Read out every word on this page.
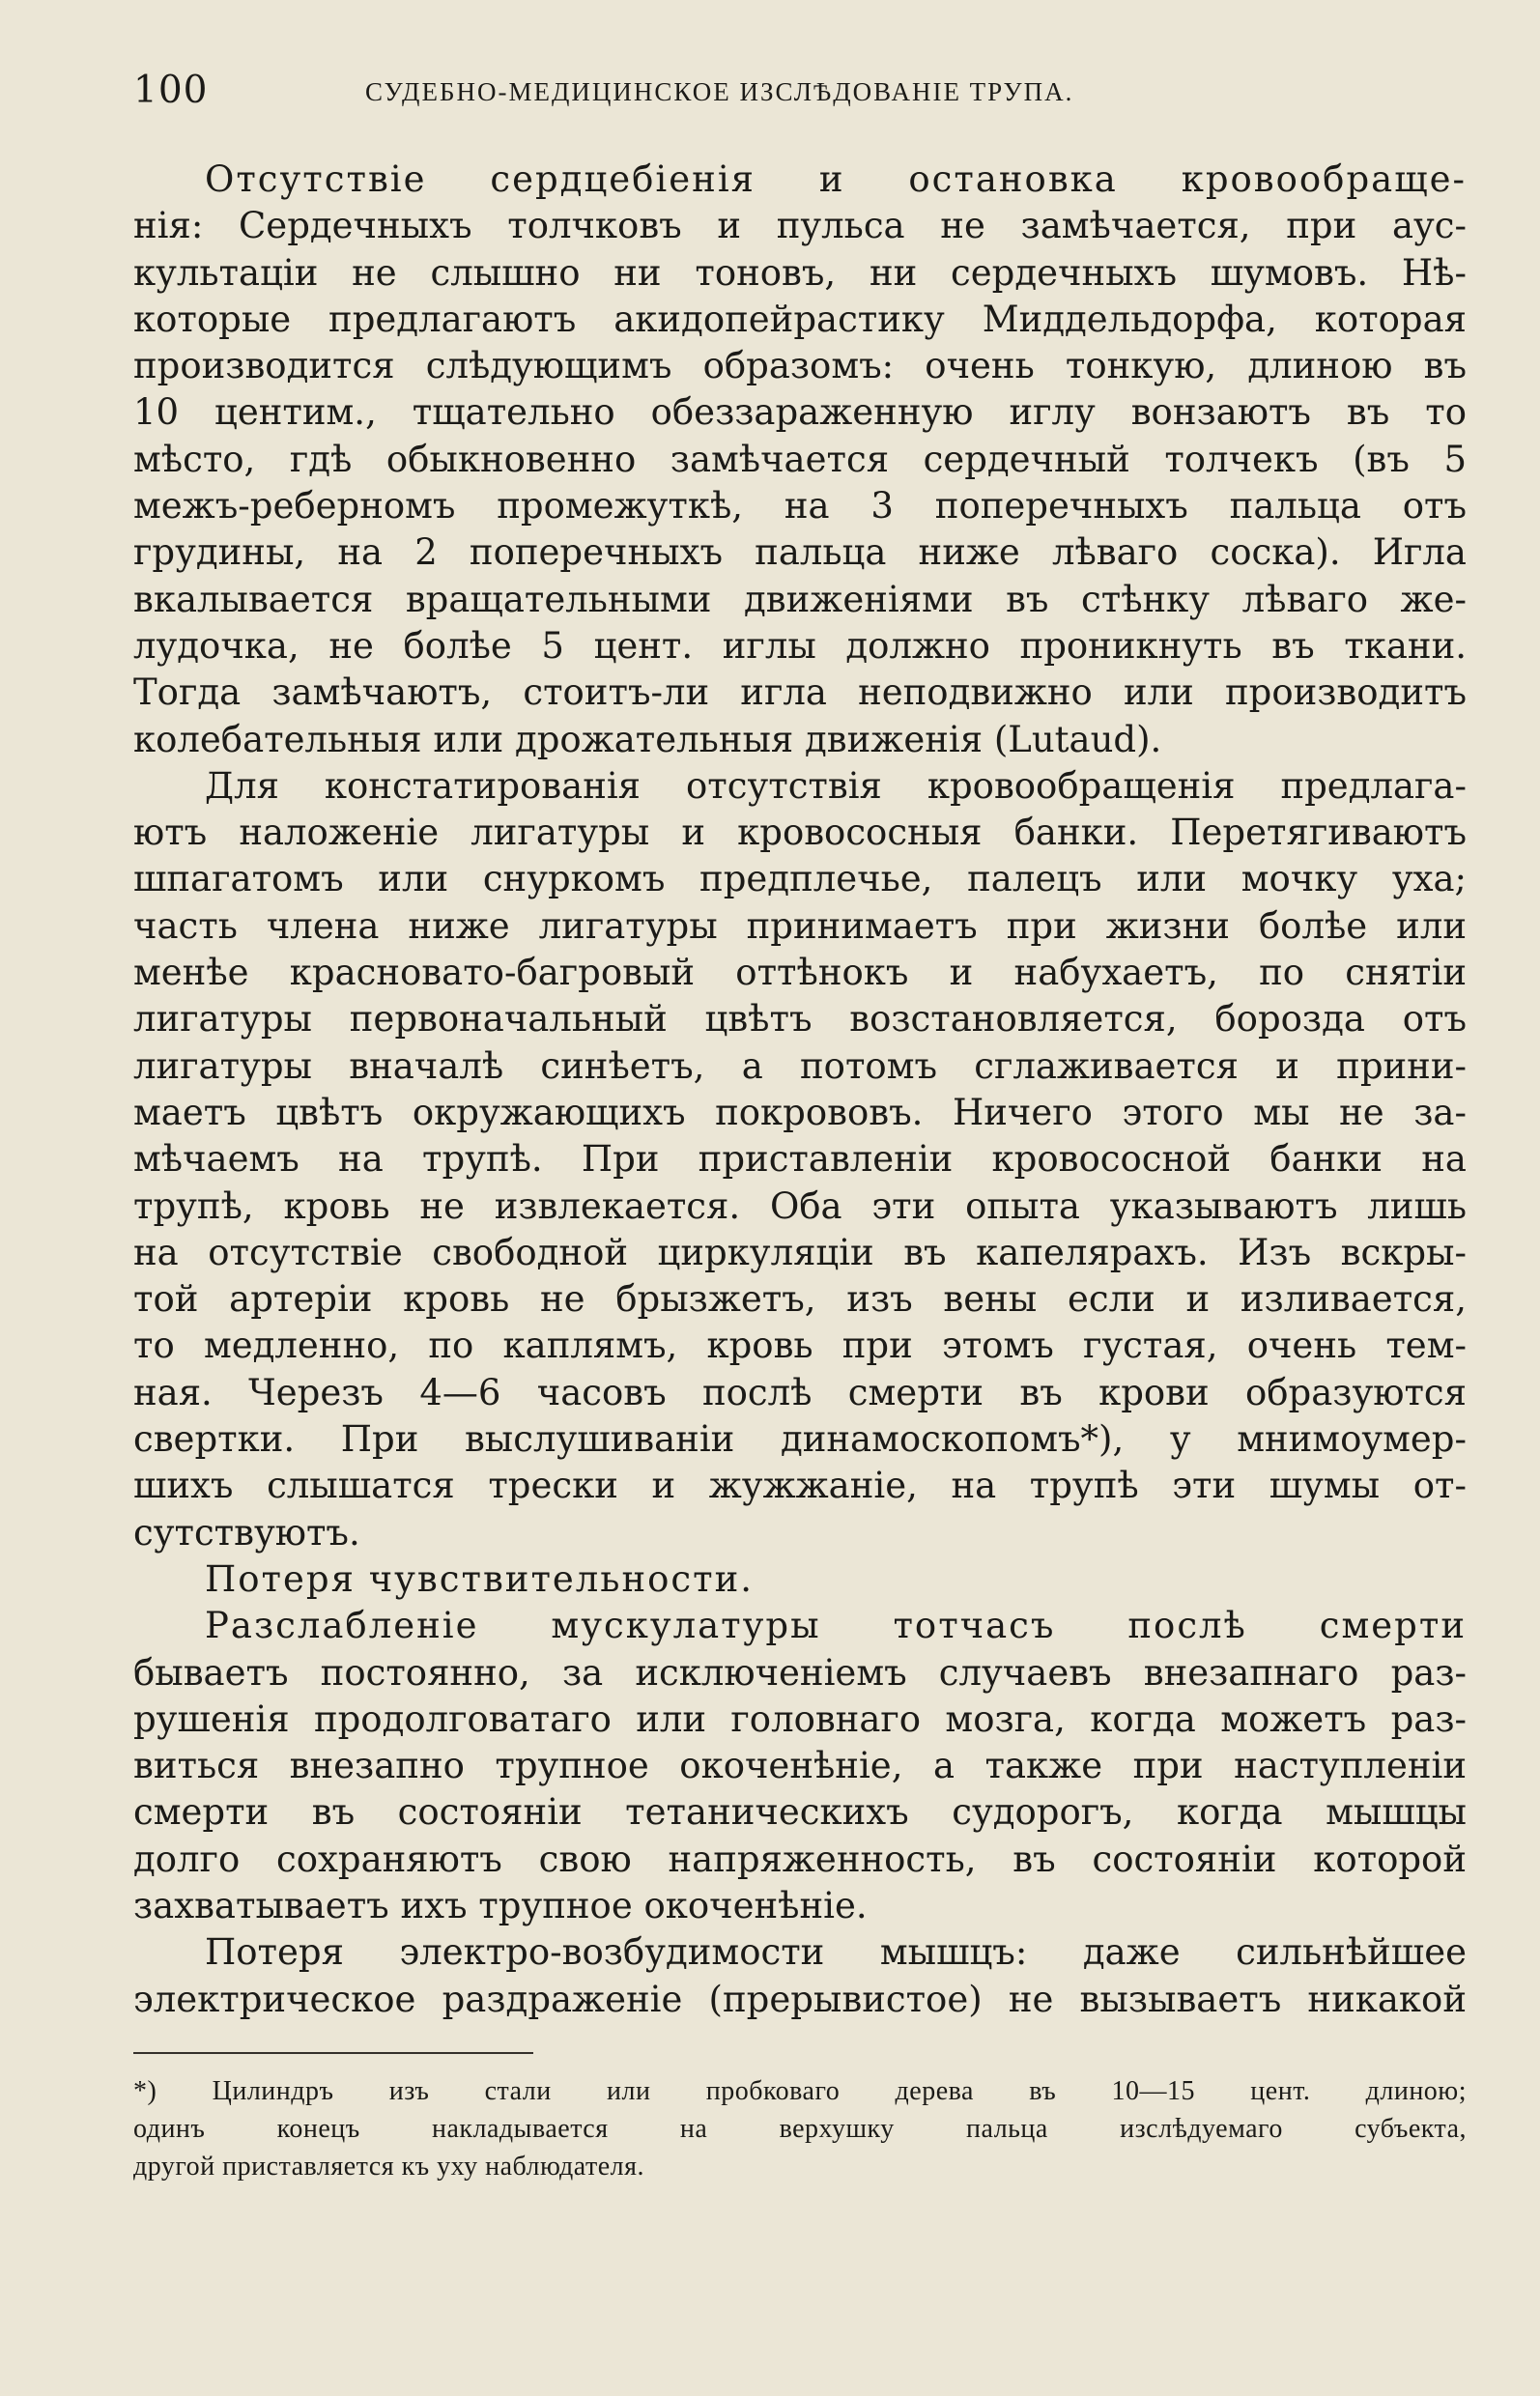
100	СУДЕБНО-МЕДИЦИНСКОЕ ИЗСЛѢДОВАНІЕ ТРУПА.
Отсутствіе сердцебіенія и остановка кровообраще-
нія: Сердечныхъ толчковъ и пульса не замѣчается, при аус-
культаціи не слышно ни тоновъ, ни сердечныхъ шумовъ. Нѣ-
которые предлагаютъ акидопейрастику Миддельдорфа, которая
производится слѣдующимъ образомъ: очень тонкую, длиною въ
10 центим., тщательно обеззараженную иглу вонзаютъ въ то
мѣсто, гдѣ обыкновенно замѣчается сердечный толчекъ (въ 5
межъ-реберномъ промежуткѣ, на 3 поперечныхъ пальца отъ
грудины, на 2 поперечныхъ пальца ниже лѣваго соска). Игла
вкалывается вращательными движеніями въ стѣнку лѣваго же-
лудочка, не болѣе 5 цент. иглы должно проникнуть въ ткани.
Тогда замѣчаютъ, стоитъ-ли игла неподвижно или производитъ
колебательныя или дрожательныя движенія (Lutaud).
Для констатированія отсутствія кровообращенія предлага-
ютъ наложеніе лигатуры и кровососныя банки. Перетягиваютъ
шпагатомъ или снуркомъ предплечье, палецъ или мочку уха;
часть члена ниже лигатуры принимаетъ при жизни болѣе или
менѣе красновато-багровый оттѣнокъ и набухаетъ, по снятіи
лигатуры первоначальный цвѣтъ возстановляется, борозда отъ
лигатуры вначалѣ синѣетъ, а потомъ сглаживается и прини-
маетъ цвѣтъ окружающихъ покрововъ. Ничего этого мы не за-
мѣчаемъ на трупѣ. При приставленіи кровососной банки на
трупѣ, кровь не извлекается. Оба эти опыта указываютъ лишь
на отсутствіе свободной циркуляціи въ капелярахъ. Изъ вскры-
той артеріи кровь не брызжетъ, изъ вены если и изливается,
то медленно, по каплямъ, кровь при этомъ густая, очень тем-
ная. Черезъ 4—6 часовъ послѣ смерти въ крови образуются
свертки. При выслушиваніи динамоскопомъ*), у мнимоумер-
шихъ слышатся трески и жужжаніе, на трупѣ эти шумы от-
сутствуютъ.
Потеря чувствительности.
Разслабленіе мускулатуры тотчасъ послѣ смерти
бываетъ постоянно, за исключеніемъ случаевъ внезапнаго раз-
рушенія продолговатаго или головнаго мозга, когда можетъ раз-
виться внезапно трупное окоченѣніе, а также при наступленіи
смерти въ состояніи тетаническихъ судорогъ, когда мышцы
долго сохраняютъ свою напряженность, въ состояніи которой
захватываетъ ихъ трупное окоченѣніе.
Потеря электро-возбудимости мышцъ: даже сильнѣйшее
электрическое раздраженіе (прерывистое) не вызываетъ никакой
*) Цилиндръ изъ стали или пробковаго дерева въ 10—15 цент. длиною;
одинъ конецъ накладывается на верхушку пальца изслѣдуемаго субъекта,
другой приставляется къ уху наблюдателя.
